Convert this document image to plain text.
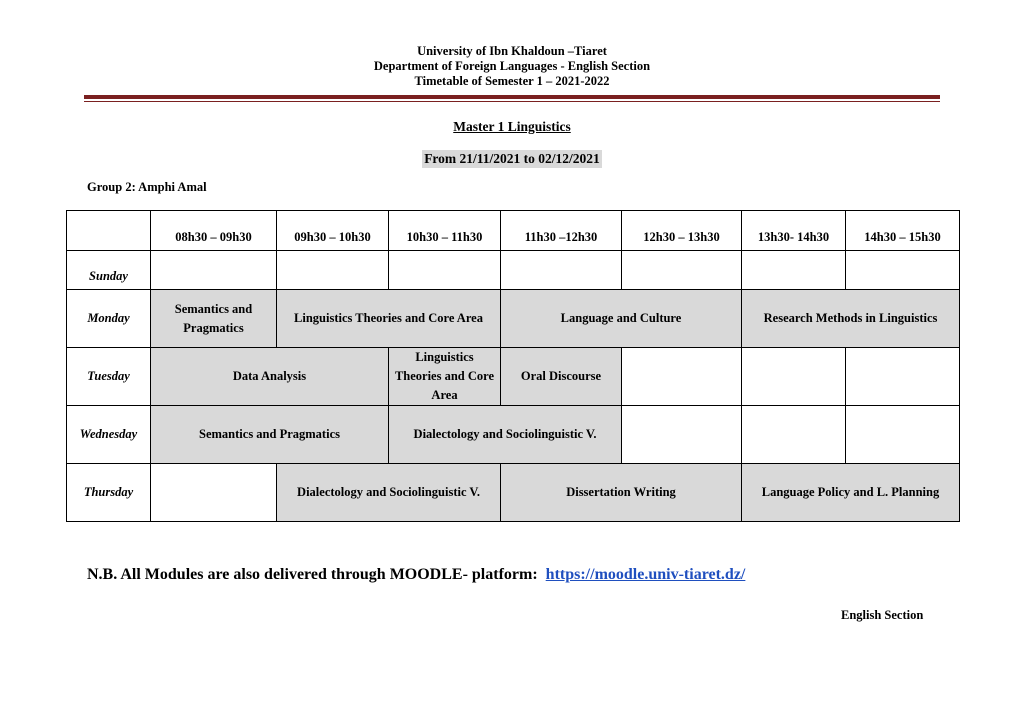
University of Ibn Khaldoun –Tiaret
Department of Foreign Languages - English Section
Timetable of Semester 1 – 2021-2022
Master 1 Linguistics
From 21/11/2021 to 02/12/2021
Group 2: Amphi Amal
	08h30 – 09h30	09h30 – 10h30	10h30 – 11h30	11h30 –12h30	12h30 – 13h30	13h30- 14h30	14h30 – 15h30
Sunday							
Monday	Semantics and Pragmatics	Linguistics Theories and Core Area		Language and Culture		Research Methods in Linguistics	
Tuesday	Data Analysis		Linguistics Theories and Core Area	Oral Discourse			
Wednesday	Semantics and Pragmatics		Dialectology and Sociolinguistic V.				
Thursday		Dialectology and Sociolinguistic V.		Dissertation Writing		Language Policy and L. Planning	
N.B. All Modules are also delivered through MOODLE- platform: https://moodle.univ-tiaret.dz/
English Section
